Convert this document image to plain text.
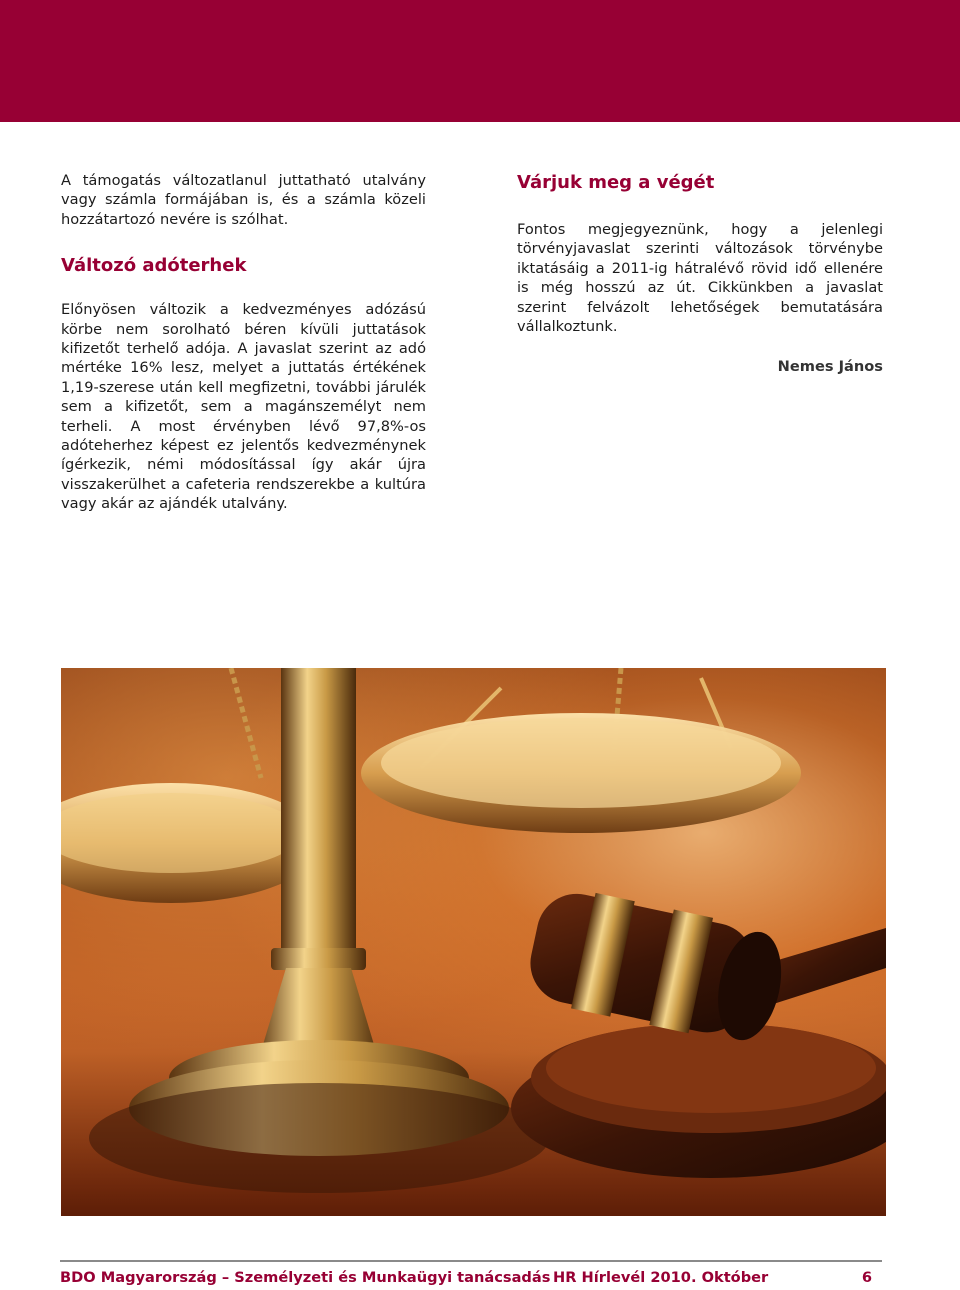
A támogatás változatlanul juttatható utalvány vagy számla formájában is, és a számla közeli hozzátartozó nevére is szólhat.

Változó adóterhek

Előnyösen változik a kedvezményes adózású körbe nem sorolható béren kívüli juttatások kifizetőt terhelő adója. A javaslat szerint az adó mértéke 16% lesz, melyet a juttatás értékének 1,19-szerese után kell megfizetni, további járulék sem a kifizetőt, sem a magánszemélyt nem terheli. A most érvényben lévő 97,8%-os adóteherhez képest ez jelentős kedvezménynek ígérkezik, némi módosítással így akár újra visszakerülhet a cafeteria rendszerekbe a kultúra vagy akár az ajándék utalvány.

Várjuk meg a végét

Fontos megjegyeznünk, hogy a jelenlegi törvényjavaslat szerinti változások törvénybe iktatásáig a 2011-ig hátralévő rövid idő ellenére is még hosszú az út. Cikkünkben a javaslat szerint felvázolt lehetőségek bemutatására vállalkoztunk.

Nemes János

BDO Magyarország – Személyzeti és Munkaügyi tanácsadás HR Hírlevél 2010. Október	6
